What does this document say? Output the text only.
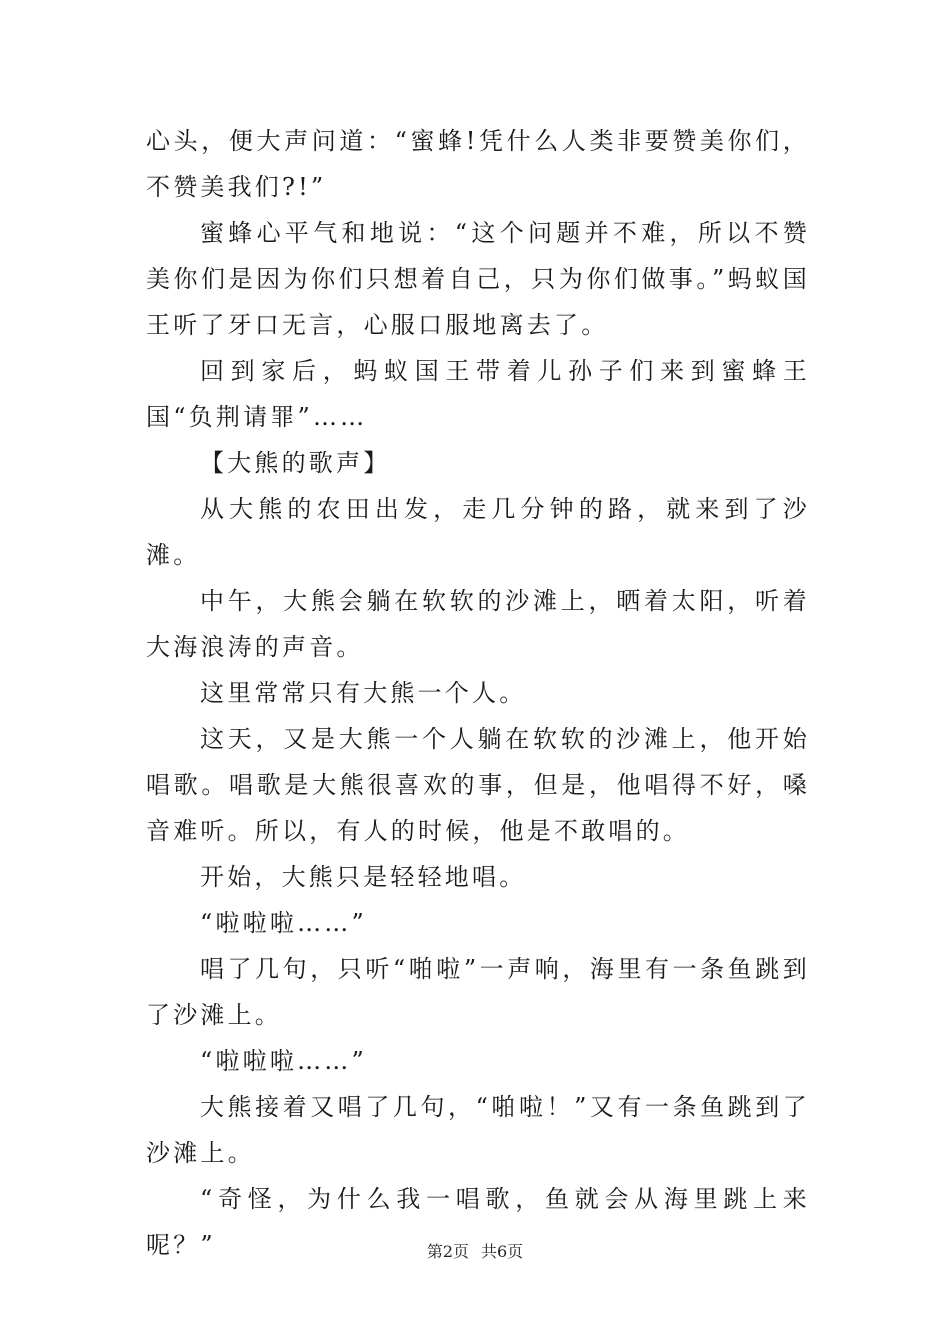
心头，便大声问道：“蜜蜂!凭什么人类非要赞美你们，不赞美我们?!”

蜜蜂心平气和地说：“这个问题并不难，所以不赞美你们是因为你们只想着自己，只为你们做事。”蚂蚁国王听了牙口无言，心服口服地离去了。

回到家后，蚂蚁国王带着儿孙子们来到蜜蜂王国“负荆请罪”……

【大熊的歌声】

从大熊的农田出发，走几分钟的路，就来到了沙滩。

中午，大熊会躺在软软的沙滩上，晒着太阳，听着大海浪涛的声音。

这里常常只有大熊一个人。

这天，又是大熊一个人躺在软软的沙滩上，他开始唱歌。唱歌是大熊很喜欢的事，但是，他唱得不好，嗓音难听。所以，有人的时候，他是不敢唱的。

开始，大熊只是轻轻地唱。

“啦啦啦……”

唱了几句，只听“啪啦”一声响，海里有一条鱼跳到了沙滩上。

“啦啦啦……”

大熊接着又唱了几句，“啪啦！”又有一条鱼跳到了沙滩上。

“奇怪，为什么我一唱歌，鱼就会从海里跳上来呢？”	第2页 共6页
